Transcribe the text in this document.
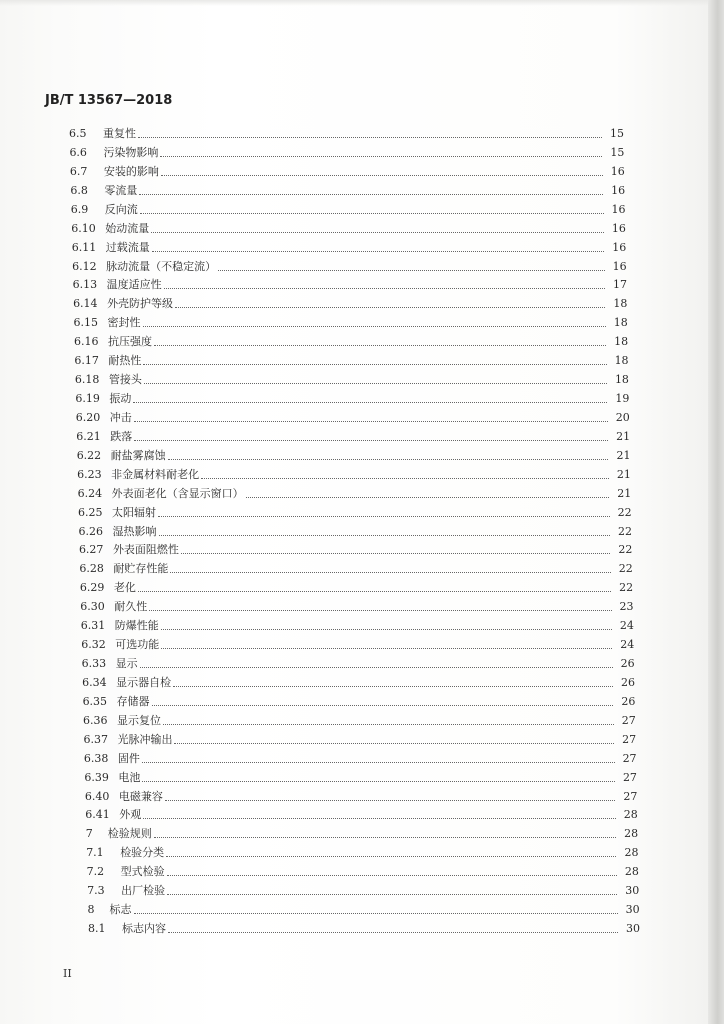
JB/T 13567—2018
6.5	重复性	15
6.6	污染物影响	15
6.7	安装的影响	16
6.8	零流量	16
6.9	反向流	16
6.10 始动流量	16
6.11 过载流量	16
6.12 脉动流量（不稳定流）	16
6.13 温度适应性	17
6.14 外壳防护等级	18
6.15 密封性	18
6.16 抗压强度	18
6.17 耐热性	18
6.18 管接头	18
6.19 振动	19
6.20 冲击	20
6.21 跌落	21
6.22 耐盐雾腐蚀	21
6.23 非金属材料耐老化	21
6.24 外表面老化（含显示窗口）	21
6.25 太阳辐射	22
6.26 湿热影响	22
6.27 外表面阻燃性	22
6.28 耐贮存性能	22
6.29 老化	22
6.30 耐久性	23
6.31 防爆性能	24
6.32 可选功能	24
6.33 显示	26
6.34 显示器自检	26
6.35 存储器	26
6.36 显示复位	27
6.37 光脉冲输出	27
6.38 固件	27
6.39 电池	27
6.40 电磁兼容	27
6.41 外观	28
7	检验规则	28
7.1	检验分类	28
7.2	型式检验	28
7.3	出厂检验	30
8	标志	30
8.1	标志内容	30
II
